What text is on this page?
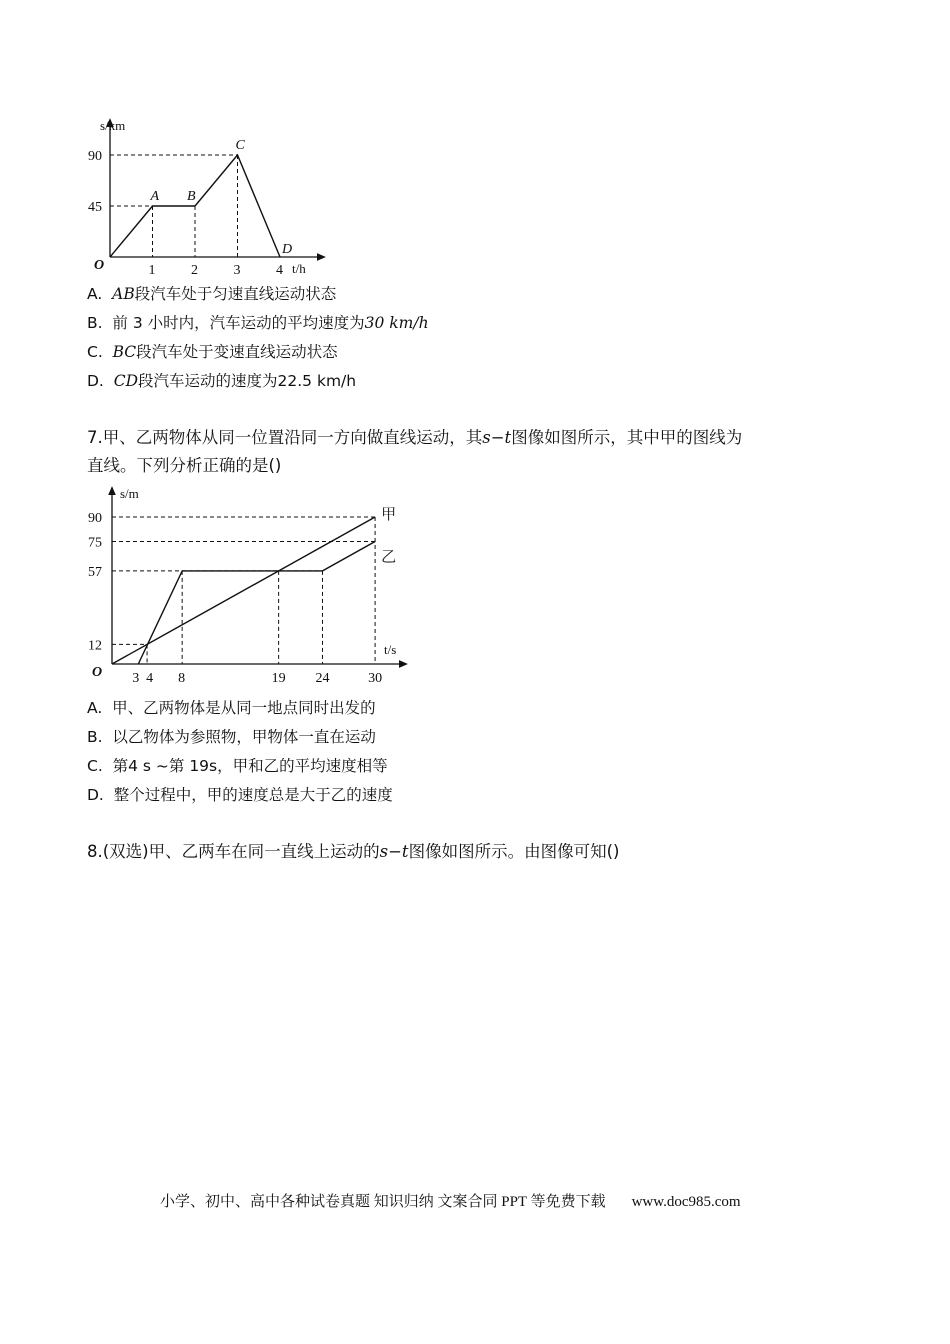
1	2	3	4
45
90
O
s/km
t/h
A B
C
D
A. AB段汽车处于匀速直线运动状态
B. 前 3 小时内，汽车运动的平均速度为30 km/h
C. BC段汽车处于变速直线运动状态
D. CD段汽车运动的速度为22.5 km/h
7.甲、乙两物体从同一位置沿同一方向做直线运动，其s−t图像如图所示，其中甲的图线为
直线。下列分析正确的是()
甲
乙
3 4 8	19 24	30
12
57
75
90
O
s/m
t/s
A. 甲、乙两物体是从同一地点同时出发的
B. 以乙物体为参照物，甲物体一直在运动
C. 第4 s ~第 19s，甲和乙的平均速度相等
D. 整个过程中，甲的速度总是大于乙的速度
8.(双选)甲、乙两车在同一直线上运动的s−t图像如图所示。由图像可知()
小学、初中、高中各种试卷真题 知识归纳 文案合同 PPT 等免费下载 www.doc985.com
